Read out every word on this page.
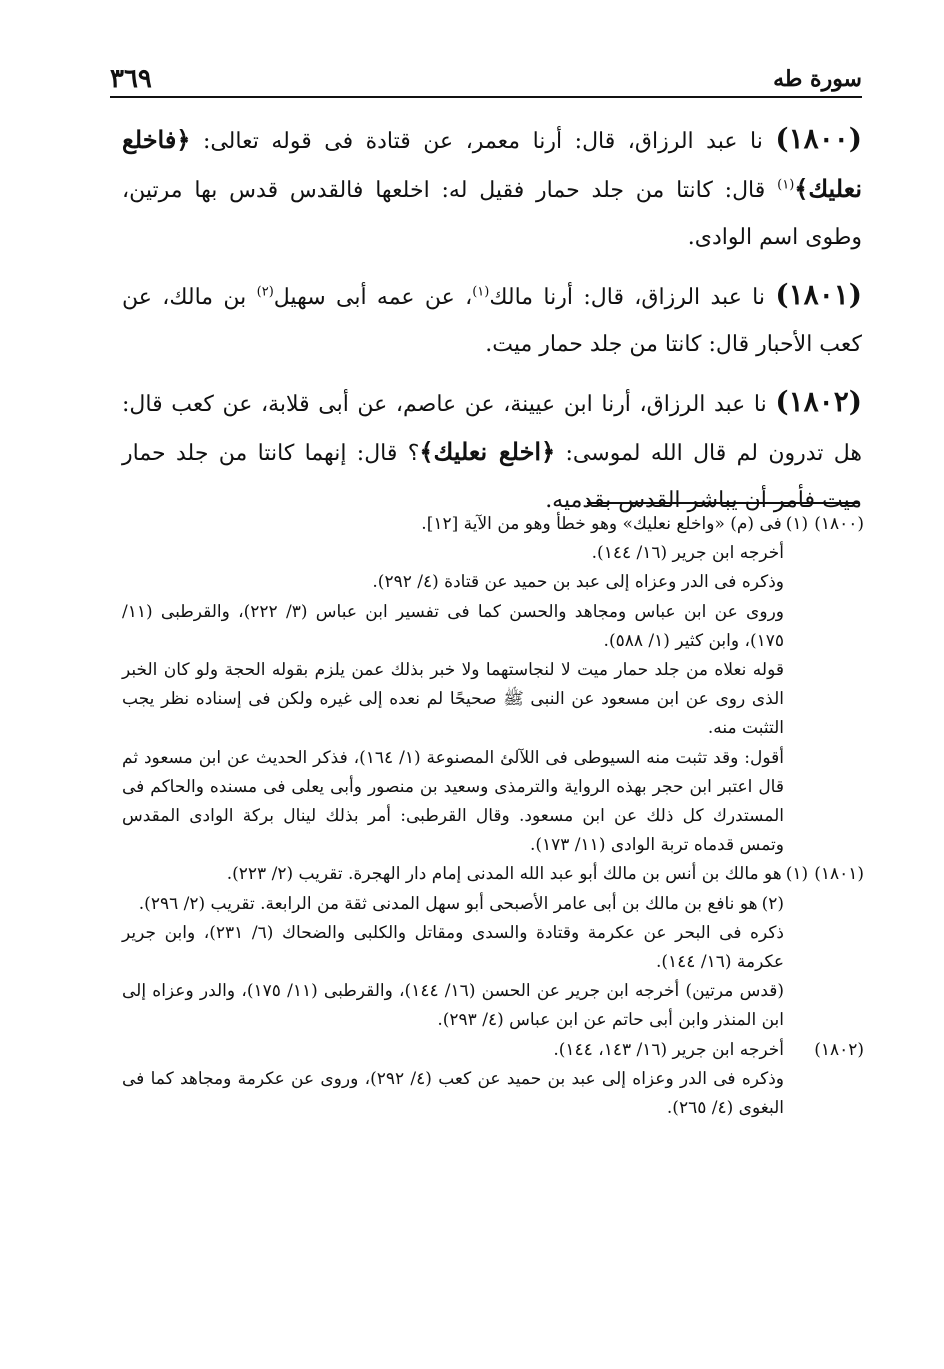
سورة طه
٣٦٩

(١٨٠٠) نا عبد الرزاق، قال: أرنا معمر، عن قتادة فى قوله تعالى: ﴿فاخلع نعليك﴾$^{(١)}$ قال: كانتا من جلد حمار فقيل له: اخلعها فالقدس قدس بها مرتين، وطوى اسم الوادى.

(١٨٠١) نا عبد الرزاق، قال: أرنا مالك$^{(١)}$، عن عمه أبى سهيل$^{(٢)}$ بن مالك، عن كعب الأحبار قال: كانتا من جلد حمار ميت.

(١٨٠٢) نا عبد الرزاق، أرنا ابن عيينة، عن عاصم، عن أبى قلابة، عن كعب قال: هل تدرون لم قال الله لموسى: ﴿اخلع نعليك﴾؟ قال: إنهما كانتا من جلد حمار ميت فأمر أن يباشر القدس بقدميه.

(١٨٠٠)
(١)
فى (م) «واخلع نعليك» وهو خطأ وهو من الآية [١٢].
أخرجه ابن جرير (١٦/ ١٤٤).
وذكره فى الدر وعزاه إلى عبد بن حميد عن قتادة (٤/ ٢٩٢).
وروى عن ابن عباس ومجاهد والحسن كما فى تفسير ابن عباس (٣/ ٢٢٢)، والقرطبى (١١/ ١٧٥)، وابن كثير (١/ ٥٨٨).
قوله نعلاه من جلد حمار ميت لا لنجاستهما ولا خبر بذلك عمن يلزم بقوله الحجة ولو كان الخبر الذى روى عن ابن مسعود عن النبى ﷺ صحيحًا لم نعده إلى غيره ولكن فى إسناده نظر يجب التثبت منه.
أقول: وقد تثبت منه السيوطى فى اللآلئ المصنوعة (١/ ١٦٤)، فذكر الحديث عن ابن مسعود ثم قال اعتبر ابن حجر بهذه الرواية والترمذى وسعيد بن منصور وأبى يعلى فى مسنده والحاكم فى المستدرك كل ذلك عن ابن مسعود. وقال القرطبى: أمر بذلك لينال بركة الوادى المقدس وتمس قدماه تربة الوادى (١١/ ١٧٣).
(١٨٠١)
(١)
هو مالك بن أنس بن مالك أبو عبد الله المدنى إمام دار الهجرة. تقريب (٢/ ٢٢٣).
(٢)
هو نافع بن مالك بن أبى عامر الأصبحى أبو سهل المدنى ثقة من الرابعة. تقريب (٢/ ٢٩٦).
ذكره فى البحر عن عكرمة وقتادة والسدى ومقاتل والكلبى والضحاك (٦/ ٢٣١)، وابن جرير عكرمة (١٦/ ١٤٤).
(قدس مرتين) أخرجه ابن جرير عن الحسن (١٦/ ١٤٤)، والقرطبى (١١/ ١٧٥)، والدر وعزاه إلى ابن المنذر وابن أبى حاتم عن ابن عباس (٤/ ٢٩٣).
(١٨٠٢)
أخرجه ابن جرير (١٦/ ١٤٣، ١٤٤).
وذكره فى الدر وعزاه إلى عبد بن حميد عن كعب (٤/ ٢٩٢)، وروى عن عكرمة ومجاهد كما فى البغوى (٤/ ٢٦٥).
